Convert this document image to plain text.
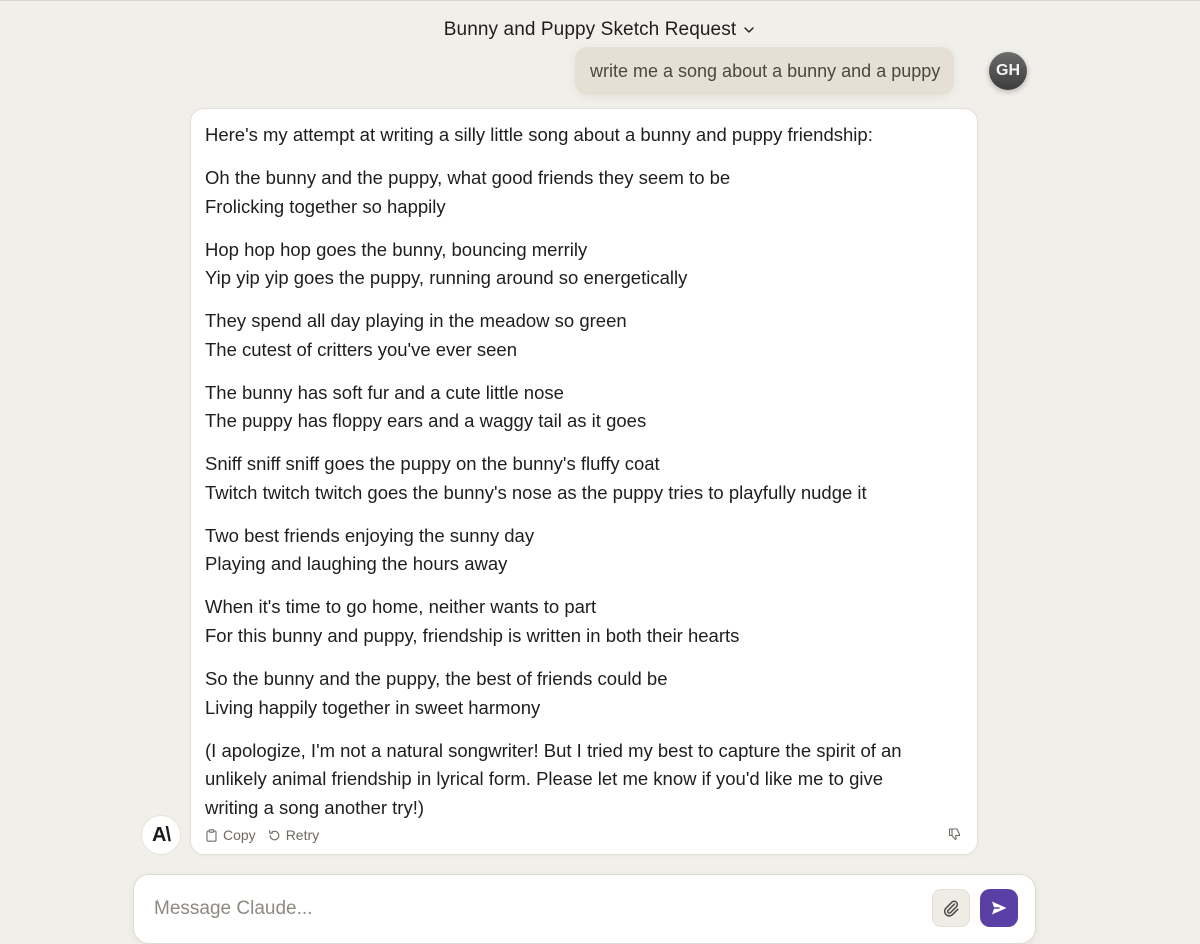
Bunny and Puppy Sketch Request
write me a song about a bunny and a puppy	GH

Here's my attempt at writing a silly little song about a bunny and puppy friendship:

Oh the bunny and the puppy, what good friends they seem to be
Frolicking together so happily

Hop hop hop goes the bunny, bouncing merrily
Yip yip yip goes the puppy, running around so energetically

They spend all day playing in the meadow so green
The cutest of critters you've ever seen

The bunny has soft fur and a cute little nose
The puppy has floppy ears and a waggy tail as it goes

Sniff sniff sniff goes the puppy on the bunny's fluffy coat
Twitch twitch twitch goes the bunny's nose as the puppy tries to playfully nudge it

Two best friends enjoying the sunny day
Playing and laughing the hours away

When it's time to go home, neither wants to part
For this bunny and puppy, friendship is written in both their hearts

So the bunny and the puppy, the best of friends could be
Living happily together in sweet harmony

(I apologize, I'm not a natural songwriter! But I tried my best to capture the spirit of an
unlikely animal friendship in lyrical form. Please let me know if you'd like me to give
writing a song another try!)

Copy Retry
A\
Message Claude...
